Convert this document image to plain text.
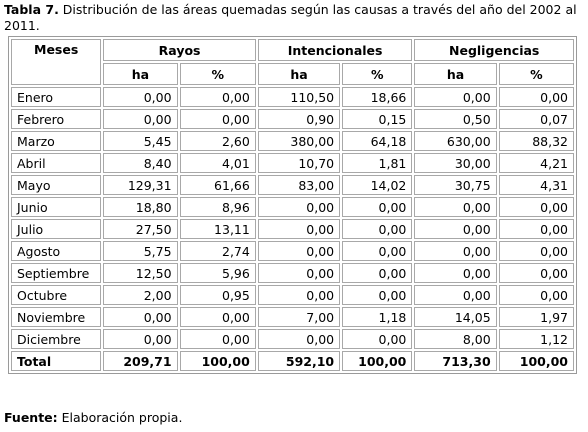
Tabla 7. Distribución de las áreas quemadas según las causas a través del año del 2002 al 2011.
Meses	Rayos		Intencionales		Negligencias	
	ha	%	ha	%	ha	%
Enero	0,00	0,00	110,50	18,66	0,00	0,00
Febrero	0,00	0,00	0,90	0,15	0,50	0,07
Marzo	5,45	2,60	380,00	64,18	630,00	88,32
Abril	8,40	4,01	10,70	1,81	30,00	4,21
Mayo	129,31	61,66	83,00	14,02	30,75	4,31
Junio	18,80	8,96	0,00	0,00	0,00	0,00
Julio	27,50	13,11	0,00	0,00	0,00	0,00
Agosto	5,75	2,74	0,00	0,00	0,00	0,00
Septiembre	12,50	5,96	0,00	0,00	0,00	0,00
Octubre	2,00	0,95	0,00	0,00	0,00	0,00
Noviembre	0,00	0,00	7,00	1,18	14,05	1,97
Diciembre	0,00	0,00	0,00	0,00	8,00	1,12
Total	209,71	100,00	592,10	100,00	713,30	100,00
Fuente: Elaboración propia.
